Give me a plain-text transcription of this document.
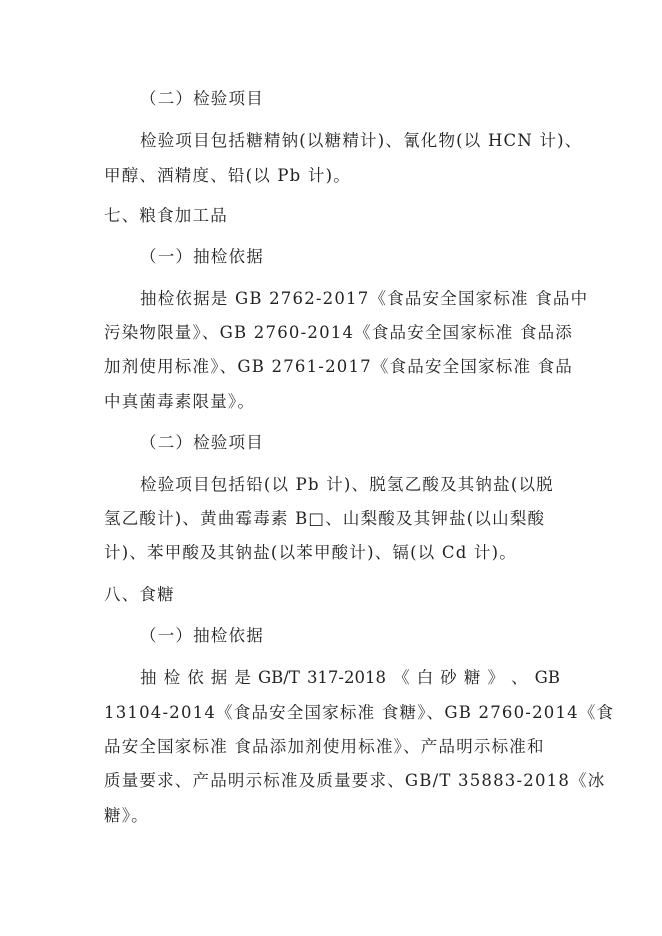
（二）检验项目
检验项目包括糖精钠(以糖精计)、氰化物(以 HCN 计)、
甲醇、酒精度、铅(以 Pb 计)。
七、粮食加工品
（一）抽检依据
抽检依据是 GB 2762-2017《食品安全国家标准 食品中
污染物限量》、GB 2760-2014《食品安全国家标准 食品添
加剂使用标准》、GB 2761-2017《食品安全国家标准 食品
中真菌毒素限量》。
（二）检验项目
检验项目包括铅(以 Pb 计)、脱氢乙酸及其钠盐(以脱
氢乙酸计)、黄曲霉毒素 B□、山梨酸及其钾盐(以山梨酸
计)、苯甲酸及其钠盐(以苯甲酸计)、镉(以 Cd 计)。
八、食糖
（一）抽检依据
抽 检 依 据 是 GB/T 317-2018 《 白 砂 糖 》 、 GB
13104-2014《食品安全国家标准 食糖》、GB 2760-2014《食
品安全国家标准 食品添加剂使用标准》、产品明示标准和
质量要求、产品明示标准及质量要求、GB/T 35883-2018《冰
糖》。
